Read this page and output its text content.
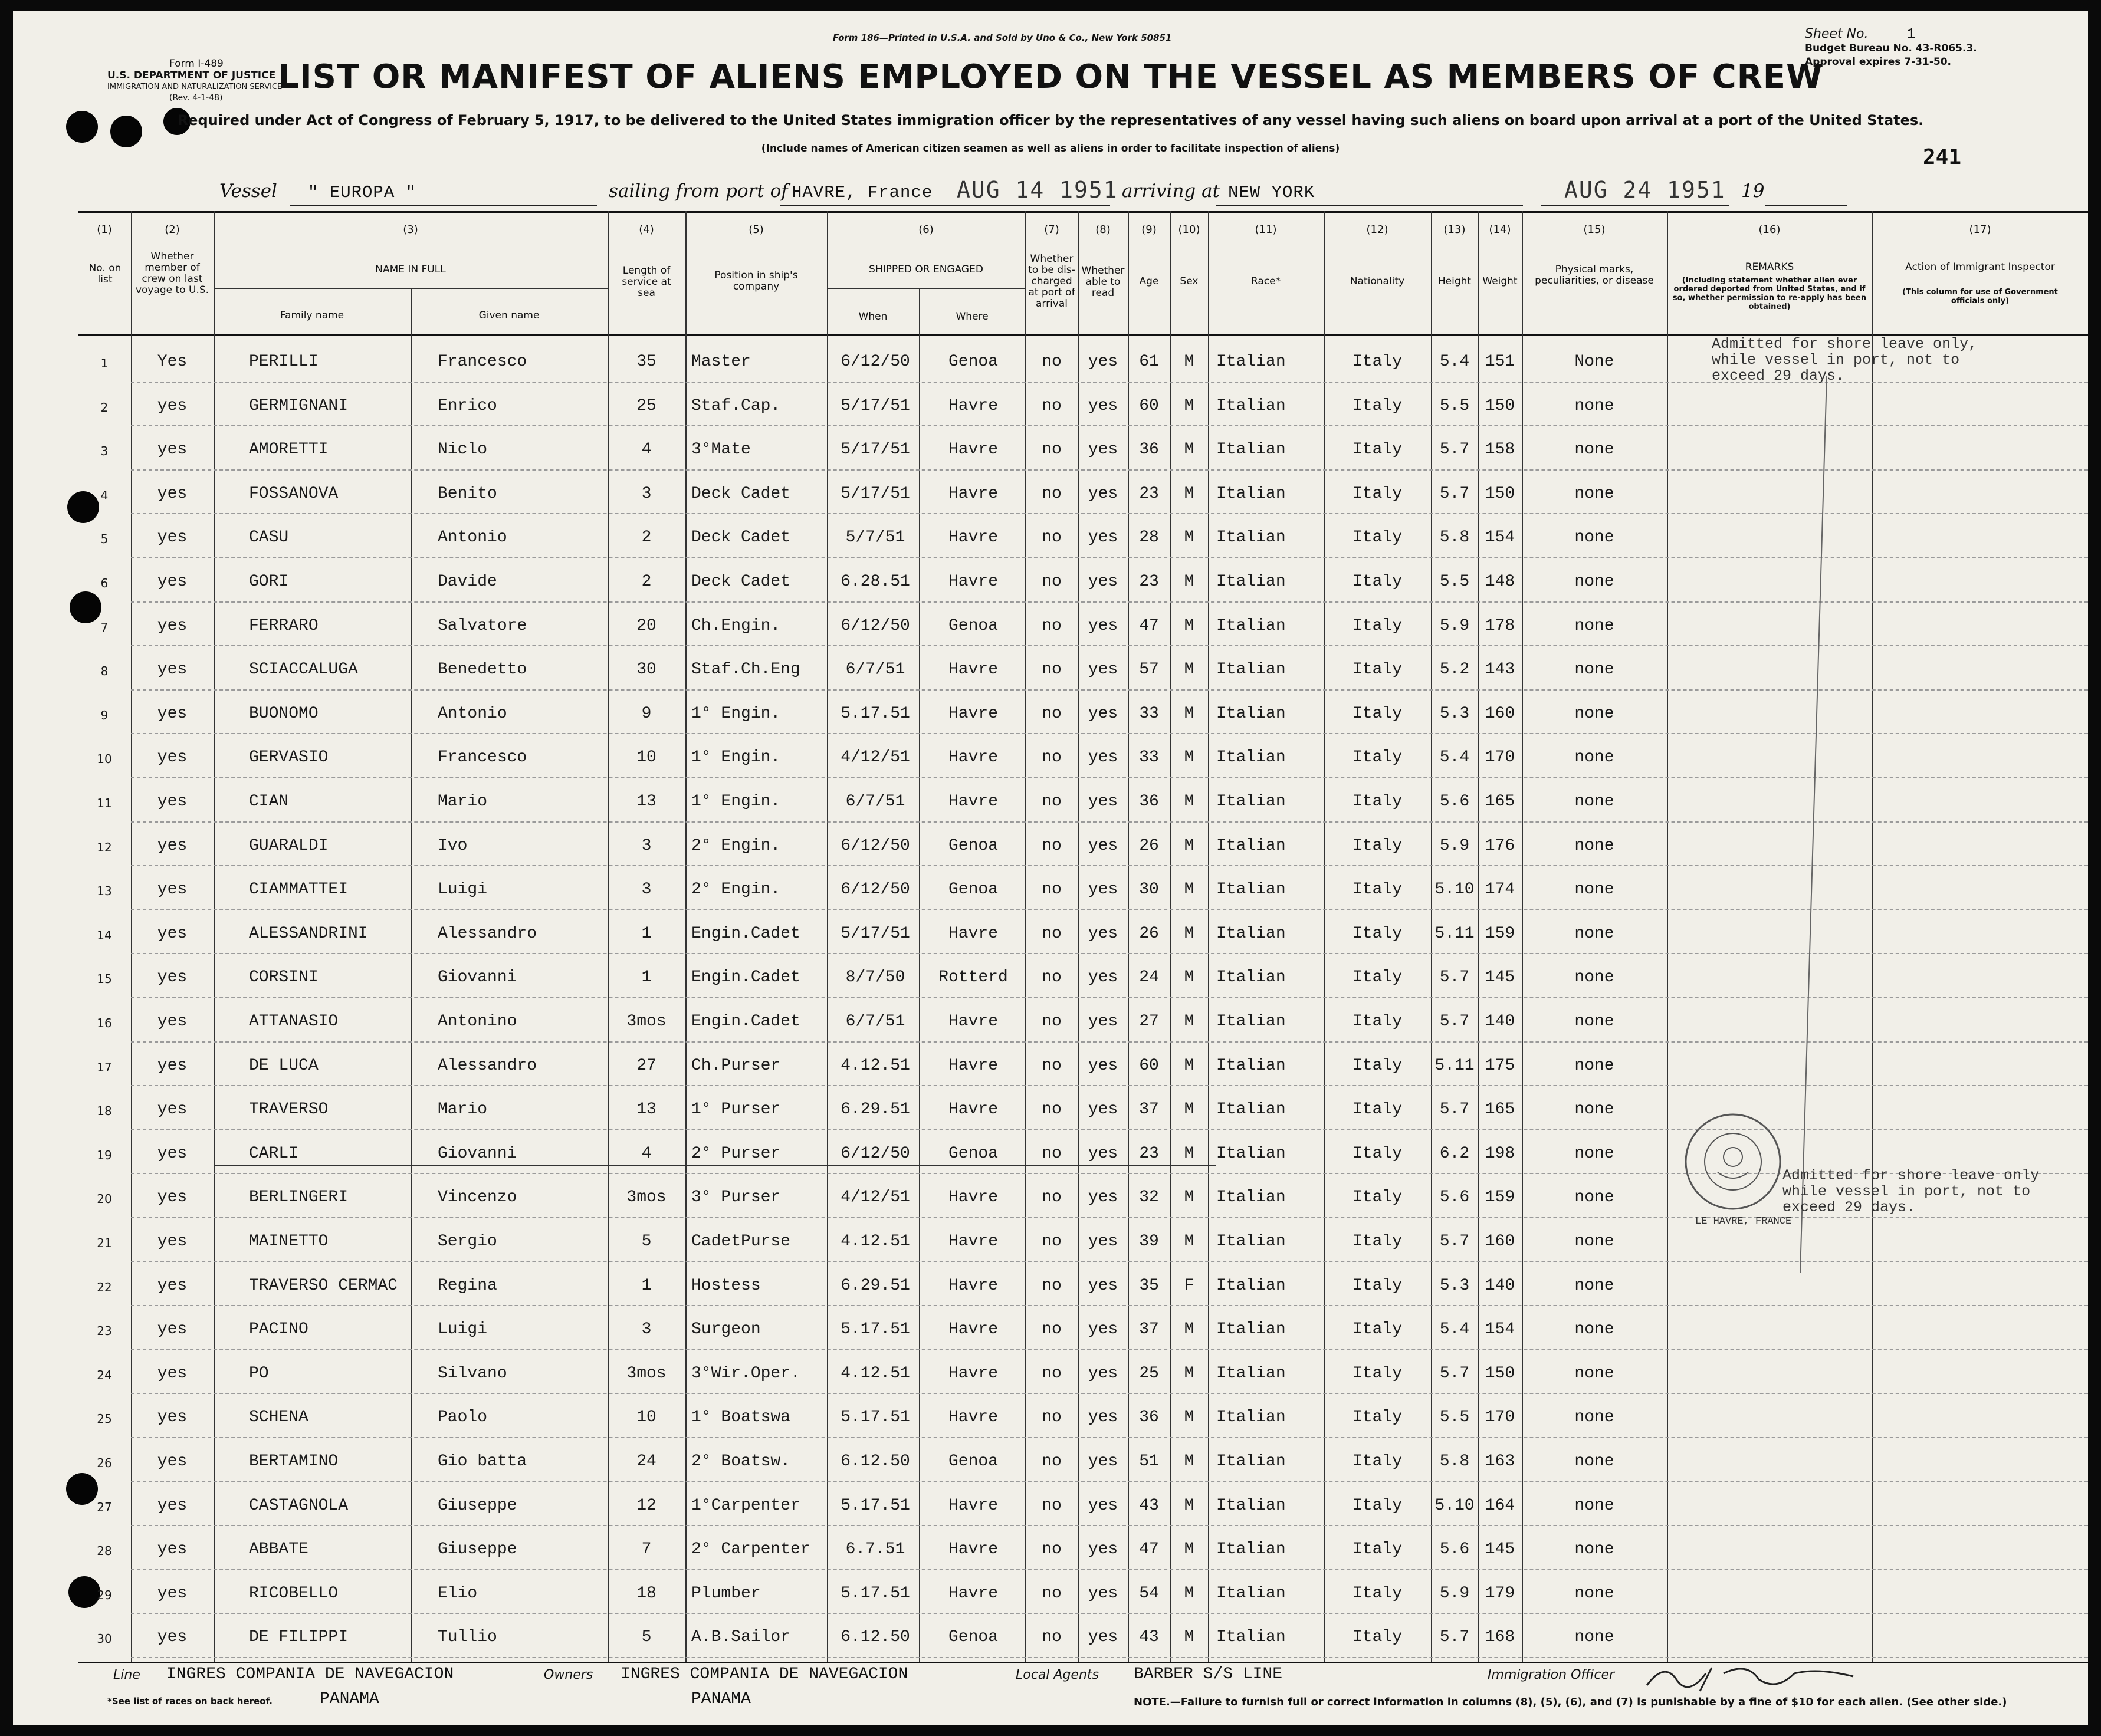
Form I-489
U.S. DEPARTMENT OF JUSTICE
IMMIGRATION AND NATURALIZATION SERVICE
(Rev. 4-1-48)
Form 186—Printed in U.S.A. and Sold by Uno & Co., New York 50851
LIST OR MANIFEST OF ALIENS EMPLOYED ON THE VESSEL AS MEMBERS OF CREW
Required under Act of Congress of February 5, 1917, to be delivered to the United States immigration officer by the representatives of any vessel having such aliens on board upon arrival at a port of the United States.
(Include names of American citizen seamen as well as aliens in order to facilitate inspection of aliens)
Sheet No.	1
Budget Bureau No. 43-R065.3.
Approval expires 7-31-50.
241
Vessel " EUROPA "	sailing from port of HAVRE, France AUG 14 1951 arriving at NEW YORK	AUG 24 1951 19
(1)	(2)	(3)	(4)	(5)	(6)	(7)	(8)	(9)	(10)	(11)	(12)	(13)	(14)	(15)	(16)	(17)
No. on list
Whether member of crew on last voyage to U.S.
NAME IN FULL
Family name	Given name
Length of service at sea
Position in ship's company
SHIPPED OR ENGAGED
When	Where
Whether to be dis-charged at port of arrival
Whether able to read
Age	Sex	Race*	Nationality	Height	Weight
Physical marks, peculiarities, or disease
REMARKS
(Including statement whether alien ever ordered deported from United States, and if so, whether permission to re-apply has been obtained)
Action of Immigrant Inspector
(This column for use of Government officials only)
1	Yes	PERILLI	Francesco	35	Master	6/12/50	Genoa	no	yes	61	M	Italian	Italy	5.4 151	None
2	yes	GERMIGNANI	Enrico	25	Staf.Cap.	5/17/51	Havre	no	yes	60	M	Italian	Italy	5.5 150	none
3	yes	AMORETTI	Niclo	4	3°Mate	5/17/51	Havre	no	yes	36	M	Italian	Italy	5.7 158	none
4	yes	FOSSANOVA	Benito	3	Deck Cadet	5/17/51	Havre	no	yes	23	M	Italian	Italy	5.7 150	none
5	yes	CASU	Antonio	2	Deck Cadet	5/7/51	Havre	no	yes	28	M	Italian	Italy	5.8 154	none
6	yes	GORI	Davide	2	Deck Cadet	6.28.51	Havre	no	yes	23	M	Italian	Italy	5.5 148	none
7	yes	FERRARO	Salvatore	20	Ch.Engin.	6/12/50	Genoa	no	yes	47	M	Italian	Italy	5.9 178	none
8	yes	SCIACCALUGA	Benedetto	30	Staf.Ch.Eng	6/7/51	Havre	no	yes	57	M	Italian	Italy	5.2 143	none
9	yes	BUONOMO	Antonio	9	1° Engin.	5.17.51	Havre	no	yes	33	M	Italian	Italy	5.3 160	none
10	yes	GERVASIO	Francesco	10	1° Engin.	4/12/51	Havre	no	yes	33	M	Italian	Italy	5.4 170	none
11	yes	CIAN	Mario	13	1° Engin.	6/7/51	Havre	no	yes	36	M	Italian	Italy	5.6 165	none
12	yes	GUARALDI	Ivo	3	2° Engin.	6/12/50	Genoa	no	yes	26	M	Italian	Italy	5.9 176	none
13	yes	CIAMMATTEI	Luigi	3	2° Engin.	6/12/50	Genoa	no	yes	30	M	Italian	Italy	5.10 174	none
14	yes	ALESSANDRINI	Alessandro	1	Engin.Cadet	5/17/51	Havre	no	yes	26	M	Italian	Italy	5.11 159	none
15	yes	CORSINI	Giovanni	1	Engin.Cadet	8/7/50	Rotterd	no	yes	24	M	Italian	Italy	5.7 145	none
16	yes	ATTANASIO	Antonino	3mos	Engin.Cadet	6/7/51	Havre	no	yes	27	M	Italian	Italy	5.7 140	none
17	yes	DE LUCA	Alessandro	27	Ch.Purser	4.12.51	Havre	no	yes	60	M	Italian	Italy	5.11 175	none
18	yes	TRAVERSO	Mario	13	1° Purser	6.29.51	Havre	no	yes	37	M	Italian	Italy	5.7 165	none
19	yes	CARLI	Giovanni	4	2° Purser	6/12/50	Genoa	no	yes	23	M	Italian	Italy	6.2 198	none
20	yes	BERLINGERI	Vincenzo	3mos	3° Purser	4/12/51	Havre	no	yes	32	M	Italian	Italy	5.6 159	none
21	yes	MAINETTO	Sergio	5	CadetPurse	4.12.51	Havre	no	yes	39	M	Italian	Italy	5.7 160	none
22	yes	TRAVERSO CERMAC	Regina	1	Hostess	6.29.51	Havre	no	yes	35	F	Italian	Italy	5.3 140	none
23	yes	PACINO	Luigi	3	Surgeon	5.17.51	Havre	no	yes	37	M	Italian	Italy	5.4 154	none
24	yes	PO	Silvano	3mos	3°Wir.Oper.	4.12.51	Havre	no	yes	25	M	Italian	Italy	5.7 150	none
25	yes	SCHENA	Paolo	10	1° Boatswa	5.17.51	Havre	no	yes	36	M	Italian	Italy	5.5 170	none
26	yes	BERTAMINO	Gio batta	24	2° Boatsw.	6.12.50	Genoa	no	yes	51	M	Italian	Italy	5.8 163	none
27	yes	CASTAGNOLA	Giuseppe	12	1°Carpenter	5.17.51	Havre	no	yes	43	M	Italian	Italy	5.10 164	none
28	yes	ABBATE	Giuseppe	7	2° Carpenter	6.7.51	Havre	no	yes	47	M	Italian	Italy	5.6 145	none
29	yes	RICOBELLO	Elio	18	Plumber	5.17.51	Havre	no	yes	54	M	Italian	Italy	5.9 179	none
30	yes	DE FILIPPI	Tullio	5	A.B.Sailor	6.12.50	Genoa	no	yes	43	M	Italian	Italy	5.7 168	none
Admitted for shore leave only,
while vessel in port, not to
exceed 29 days.
LE HAVRE, FRANCE
Admitted for shore leave only
while vessel in port, not to
exceed 29 days.
Line INGRES COMPANIA DE NAVEGACION
PANAMA
Owners INGRES COMPANIA DE NAVEGACION
PANAMA
Local Agents BARBER S/S LINE	Immigration Officer
*See list of races on back hereof.	NOTE.—Failure to furnish full or correct information in columns (8), (5), (6), and (7) is punishable by a fine of $10 for each alien. (See other side.)
